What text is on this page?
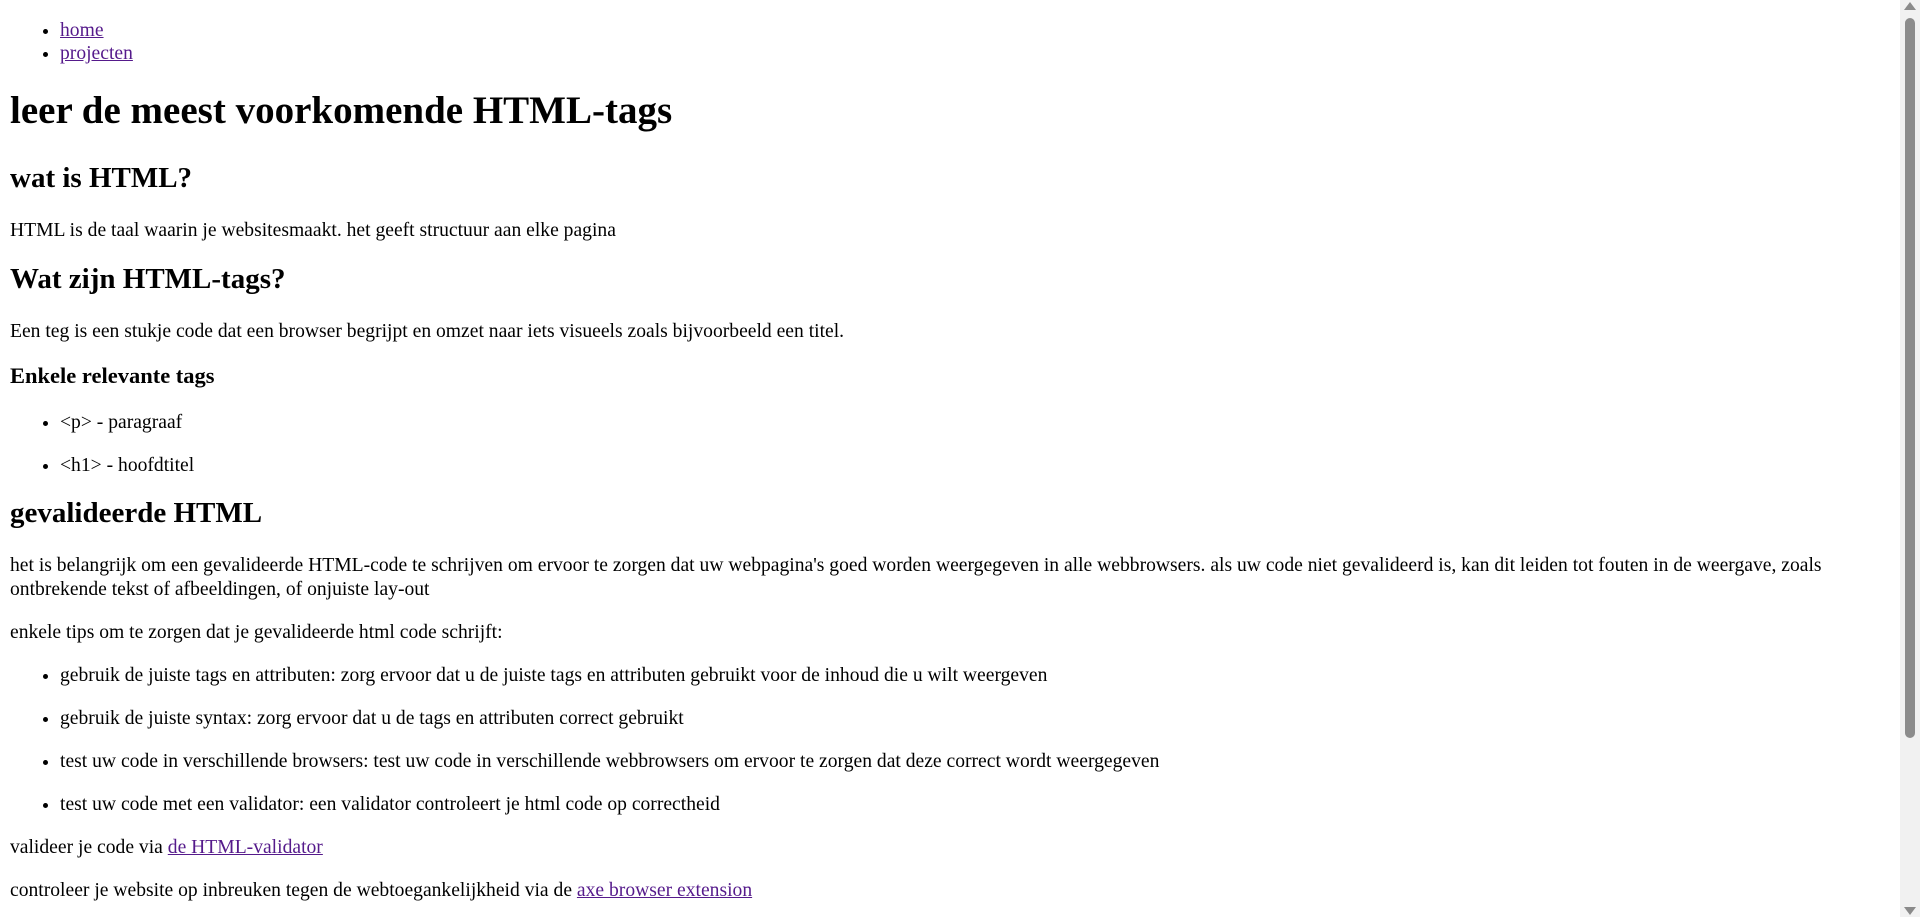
• home
• projecten
leer de meest voorkomende HTML-tags
wat is HTML?

HTML is de taal waarin je websitesmaakt. het geeft structuur aan elke pagina

Wat zijn HTML-tags?

Een teg is een stukje code dat een browser begrijpt en omzet naar iets visueels zoals bijvoorbeeld een titel.

Enkele relevante tags
• <p> - paragraaf
• <h1> - hoofdtitel
gevalideerde HTML

het is belangrijk om een gevalideerde HTML-code te schrijven om ervoor te zorgen dat uw webpagina's goed worden weergegeven in alle webbrowsers. als uw code niet gevalideerd is, kan dit leiden tot fouten in de weergave, zoals ontbrekende tekst of afbeeldingen, of onjuiste lay-out

enkele tips om te zorgen dat je gevalideerde html code schrijft:

• gebruik de juiste tags en attributen: zorg ervoor dat u de juiste tags en attributen gebruikt voor de inhoud die u wilt weergeven
• gebruik de juiste syntax: zorg ervoor dat u de tags en attributen correct gebruikt
• test uw code in verschillende browsers: test uw code in verschillende webbrowsers om ervoor te zorgen dat deze correct wordt weergegeven
• test uw code met een validator: een validator controleert je html code op correctheid

valideer je code via de HTML-validator

controleer je website op inbreuken tegen de webtoegankelijkheid via de axe browser extension
